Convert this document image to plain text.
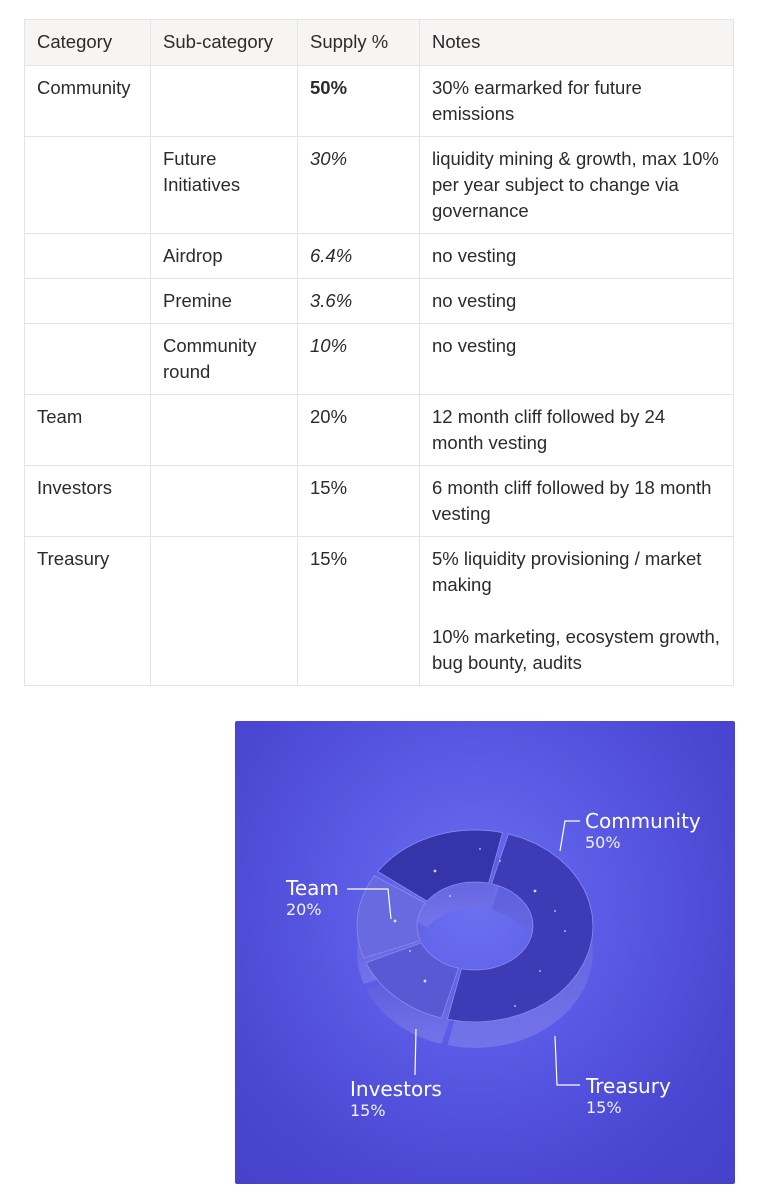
Category	Sub-category	Supply %	Notes
Community		50%	30% earmarked for future emissions
	Future Initiatives	30%	liquidity mining & growth, max 10% per year subject to change via governance
	Airdrop	6.4%	no vesting
	Premine	3.6%	no vesting
	Community round	10%	no vesting
Team		20%	12 month cliff followed by 24 month vesting
Investors		15%	6 month cliff followed by 18 month vesting
Treasury		15%	5% liquidity provisioning / market making
10% marketing, ecosystem growth, bug bounty, audits
Community
50%
Team
20%
Investors
15%
Treasury
15%
